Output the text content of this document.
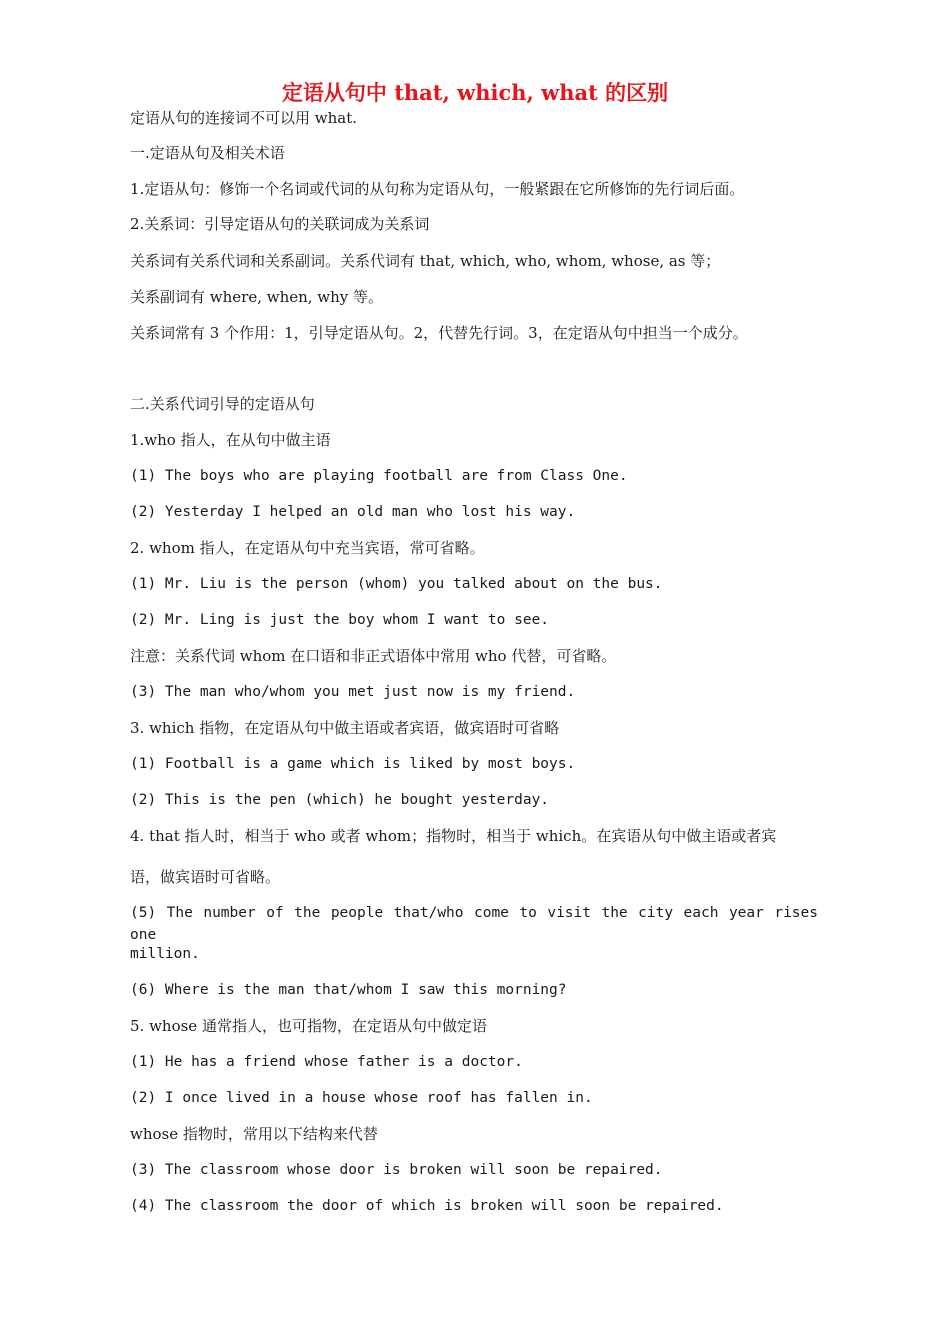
定语从句中 that, which, what 的区别
定语从句的连接词不可以用 what.
一.定语从句及相关术语
1.定语从句：修饰一个名词或代词的从句称为定语从句，一般紧跟在它所修饰的先行词后面。
2.关系词：引导定语从句的关联词成为关系词
关系词有关系代词和关系副词。关系代词有 that, which, who, whom, whose, as 等；
关系副词有 where, when, why 等。
关系词常有 3 个作用：1，引导定语从句。2，代替先行词。3，在定语从句中担当一个成分。
二.关系代词引导的定语从句
1.who 指人，在从句中做主语
(1) The boys who are playing football are from Class One.
(2) Yesterday I helped an old man who lost his way.
2. whom 指人，在定语从句中充当宾语，常可省略。
(1) Mr. Liu is the person (whom) you talked about on the bus.
(2) Mr. Ling is just the boy whom I want to see.
注意：关系代词 whom 在口语和非正式语体中常用 who 代替，可省略。
(3) The man who/whom you met just now is my friend.
3. which 指物，在定语从句中做主语或者宾语，做宾语时可省略
(1) Football is a game which is liked by most boys.
(2) This is the pen (which) he bought yesterday.
4. that 指人时，相当于 who 或者 whom；指物时，相当于 which。在宾语从句中做主语或者宾
语，做宾语时可省略。
(5) The number of the people that/who come to visit the city each year rises one
million.
(6) Where is the man that/whom I saw this morning?
5. whose 通常指人，也可指物，在定语从句中做定语
(1) He has a friend whose father is a doctor.
(2) I once lived in a house whose roof has fallen in.
whose 指物时，常用以下结构来代替
(3) The classroom whose door is broken will soon be repaired.
(4) The classroom the door of which is broken will soon be repaired.
